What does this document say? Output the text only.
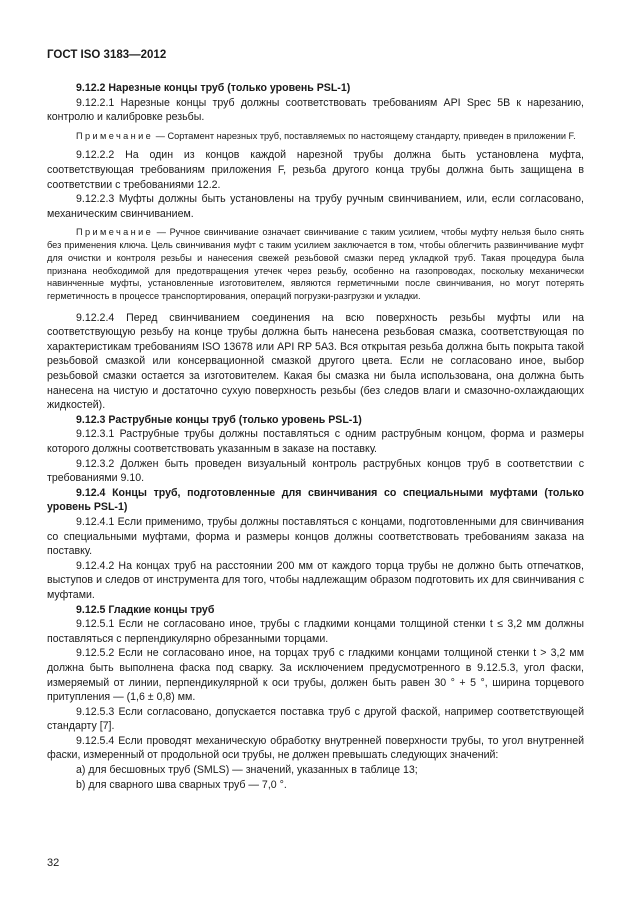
ГОСТ ISO 3183—2012

9.12.2 Нарезные концы труб (только уровень PSL-1)

9.12.2.1 Нарезные концы труб должны соответствовать требованиям API Spec 5B к нарезанию, контролю и калибровке резьбы.

Примечание — Сортамент нарезных труб, поставляемых по настоящему стандарту, приведен в приложении F.

9.12.2.2 На один из концов каждой нарезной трубы должна быть установлена муфта, соответствующая требованиям приложения F, резьба другого конца трубы должна быть защищена в соответствии с требованиями 12.2.

9.12.2.3 Муфты должны быть установлены на трубу ручным свинчиванием, или, если согласовано, механическим свинчиванием.

Примечание — Ручное свинчивание означает свинчивание с таким усилием, чтобы муфту нельзя было снять без применения ключа. Цель свинчивания муфт с таким усилием заключается в том, чтобы облегчить развинчивание муфт для очистки и контроля резьбы и нанесения свежей резьбовой смазки перед укладкой труб. Такая процедура была признана необходимой для предотвращения утечек через резьбу, особенно на газопроводах, поскольку механически навинченные муфты, установленные изготовителем, являются герметичными после свинчивания, но могут потерять герметичность в процессе транспортирования, операций погрузки-разгрузки и укладки.

9.12.2.4 Перед свинчиванием соединения на всю поверхность резьбы муфты или на соответствующую резьбу на конце трубы должна быть нанесена резьбовая смазка, соответствующая по характеристикам требованиям ISO 13678 или API RP 5A3. Вся открытая резьба должна быть покрыта такой резьбовой смазкой или консервационной смазкой другого цвета. Если не согласовано иное, выбор резьбовой смазки остается за изготовителем. Какая бы смазка ни была использована, она должна быть нанесена на чистую и достаточно сухую поверхность резьбы (без следов влаги и смазочно-охлаждающих жидкостей).

9.12.3 Раструбные концы труб (только уровень PSL-1)

9.12.3.1 Раструбные трубы должны поставляться с одним раструбным концом, форма и размеры которого должны соответствовать указанным в заказе на поставку.

9.12.3.2 Должен быть проведен визуальный контроль раструбных концов труб в соответствии с требованиями 9.10.

9.12.4 Концы труб, подготовленные для свинчивания со специальными муфтами (только уровень PSL-1)

9.12.4.1 Если применимо, трубы должны поставляться с концами, подготовленными для свинчивания со специальными муфтами, форма и размеры концов должны соответствовать требованиям заказа на поставку.

9.12.4.2 На концах труб на расстоянии 200 мм от каждого торца трубы не должно быть отпечатков, выступов и следов от инструмента для того, чтобы надлежащим образом подготовить их для свинчивания с муфтами.

9.12.5 Гладкие концы труб

9.12.5.1 Если не согласовано иное, трубы с гладкими концами толщиной стенки t ≤ 3,2 мм должны поставляться с перпендикулярно обрезанными торцами.

9.12.5.2 Если не согласовано иное, на торцах труб с гладкими концами толщиной стенки t > 3,2 мм должна быть выполнена фаска под сварку. За исключением предусмотренного в 9.12.5.3, угол фаски, измеряемый от линии, перпендикулярной к оси трубы, должен быть равен 30 ° + 5 °, ширина торцевого притупления — (1,6 ± 0,8) мм.

9.12.5.3 Если согласовано, допускается поставка труб с другой фаской, например соответствующей стандарту [7].

9.12.5.4 Если проводят механическую обработку внутренней поверхности трубы, то угол внутренней фаски, измеренный от продольной оси трубы, не должен превышать следующих значений:

a) для бесшовных труб (SMLS) — значений, указанных в таблице 13;

b) для сварного шва сварных труб — 7,0 °.

32
